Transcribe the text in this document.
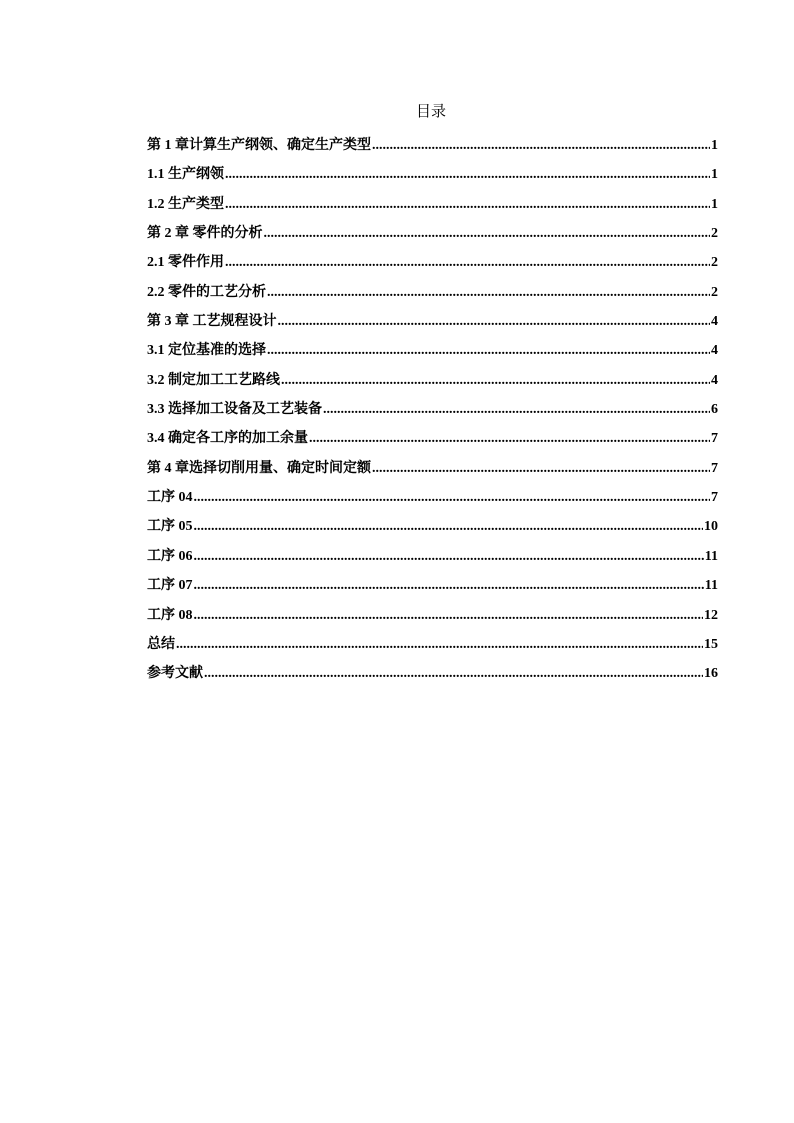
目录
第 1 章计算生产纲领、确定生产类型 .....	1
1.1 生产纲领 .....	1
1.2 生产类型 .....	1
第 2 章 零件的分析 .....	2
2.1 零件作用 .....	2
2.2 零件的工艺分析 .....	2
第 3 章 工艺规程设计 .....	4
3.1 定位基准的选择 .....	4
3.2 制定加工工艺路线 .....	4
3.3 选择加工设备及工艺装备 .....	6
3.4 确定各工序的加工余量 .....	7
第 4 章选择切削用量、确定时间定额 .....	7
工序 04 .....	7
工序 05 .....	10
工序 06 .....	11
工序 07 .....	11
工序 08 .....	12
总结 .....	15
参考文献 .....	16
